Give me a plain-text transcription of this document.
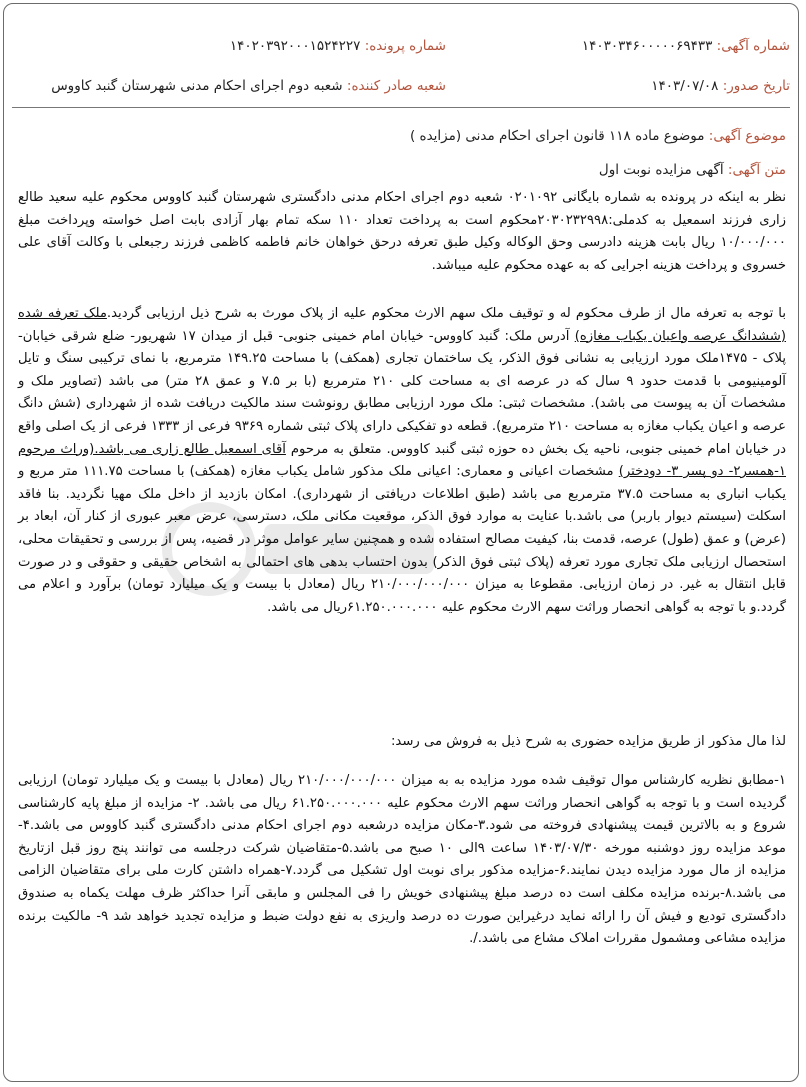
شماره آگهی: ۱۴۰۳۰۳۴۶۰۰۰۰۰۶۹۴۳۳
شماره پرونده: ۱۴۰۲۰۳۹۲۰۰۰۱۵۲۴۲۲۷
تاریخ صدور: ۱۴۰۳/۰۷/۰۸
شعبه صادر کننده: شعبه دوم اجرای احکام مدنی شهرستان گنبد کاووس
موضوع آگهی: موضوع ماده ۱۱۸ قانون اجرای احکام مدنی (مزایده )
متن آگهی: آگهی مزایده نوبت اول

نظر به اینکه در پرونده به شماره بایگانی ۰۲۰۱۰۹۲ شعبه دوم اجرای احکام مدنی دادگستری شهرستان گنبد کاووس محکوم علیه سعید طالع زاری فرزند اسمعیل به کدملی:۲۰۳۰۲۳۲۹۹۸محکوم است به پرداخت تعداد ۱۱۰ سکه تمام بهار آزادی بابت اصل خواسته وپرداخت مبلغ ۱۰/۰۰۰/۰۰۰ ریال بابت هزینه دادرسی وحق الوکاله وکیل طبق تعرفه درحق خواهان خانم فاطمه کاظمی فرزند رجبعلی با وکالت آقای علی خسروی و پرداخت هزینه اجرایی که به عهده محکوم علیه میباشد.

با توجه به تعرفه مال از طرف محکوم له و توقیف ملک سهم الارث محکوم علیه از پلاک مورث به شرح ذیل ارزیابی گردید.ملک تعرفه شده (ششدانگ عرصه واعیان یکباب مغازه) آدرس ملک: گنبد کاووس- خیابان امام خمینی جنوبی- قبل از میدان ۱۷ شهریور- ضلع شرقی خیابان- پلاک - ۱۴۷۵ملک مورد ارزیابی به نشانی فوق الذکر، یک ساختمان تجاری (همکف) با مساحت ۱۴۹.۲۵ مترمربع، با نمای ترکیبی سنگ و تایل آلومینیومی با قدمت حدود ۹ سال که در عرصه ای به مساحت کلی ۲۱۰ مترمربع (با بر ۷.۵ و عمق ۲۸ متر) می باشد (تصاویر ملک و مشخصات آن به پیوست می باشد). مشخصات ثبتی: ملک مورد ارزیابی مطابق رونوشت سند مالکیت دریافت شده از شهرداری (شش دانگ عرصه و اعیان یکباب مغازه به مساحت ۲۱۰ مترمربع). قطعه دو تفکیکی دارای پلاک ثبتی شماره ۹۳۶۹ فرعی از ۱۳۳۳ فرعی از یک اصلی واقع در خیابان امام خمینی جنوبی، ناحیه یک بخش ده حوزه ثبتی گنبد کاووس. متعلق به مرحوم آقای اسمعیل طالع زاری می باشد.(وراث مرحوم ۱-همسر۲- دو پسر ۳- دودختر) مشخصات اعیانی و معماری: اعیانی ملک مذکور شامل یکباب مغازه (همکف) با مساحت ۱۱۱.۷۵ متر مربع و یکباب انباری به مساحت ۳۷.۵ مترمربع می باشد (طبق اطلاعات دریافتی از شهرداری). امکان بازدید از داخل ملک مهیا نگردید. بنا فاقد اسکلت (سیستم دیوار باربر) می باشد.با عنایت به موارد فوق الذکر، موقعیت مکانی ملک، دسترسی، عرض معبر عبوری از کنار آن، ابعاد بر (عرض) و عمق (طول) عرصه، قدمت بنا، کیفیت مصالح استفاده شده و همچنین سایر عوامل موثر در قضیه، پس از بررسی و تحقیقات محلی، استحصال ارزیابی ملک تجاری مورد تعرفه (پلاک ثبتی فوق الذکر) بدون احتساب بدهی های احتمالی به اشخاص حقیقی و حقوقی و در صورت قابل انتقال به غیر. در زمان ارزیابی. مقطوعا به میزان ۲۱۰/۰۰۰/۰۰۰/۰۰۰ ریال (معادل با بیست و یک میلیارد تومان) برآورد و اعلام می گردد.و با توجه به گواهی انحصار وراثت سهم الارث محکوم علیه ۶۱.۲۵۰.۰۰۰.۰۰۰ریال می باشد.

لذا مال مذکور از طریق مزایده حضوری به شرح ذیل به فروش می رسد:

۱-مطابق نظریه کارشناس موال توقیف شده مورد مزایده به به میزان ۲۱۰/۰۰۰/۰۰۰/۰۰۰ ریال (معادل با بیست و یک میلیارد تومان) ارزیابی گردیده است و با توجه به گواهی انحصار وراثت سهم الارث محکوم علیه ۶۱.۲۵۰.۰۰۰.۰۰۰ ریال می باشد. ۲- مزایده از مبلغ پایه کارشناسی شروع و به بالاترین قیمت پیشنهادی فروخته می شود.۳-مکان مزایده درشعبه دوم اجرای احکام مدنی دادگستری گنبد کاووس می باشد.۴-موعد مزایده روز دوشنبه مورخه ۱۴۰۳/۰۷/۳۰ ساعت ۹الی ۱۰ صبح می باشد.۵-متقاضیان شرکت درجلسه می توانند پنج روز قبل ازتاریخ مزایده از مال مورد مزایده دیدن نمایند.۶-مزایده مذکور برای نوبت اول تشکیل می گردد.۷-همراه داشتن کارت ملی برای متقاضیان الزامی می باشد.۸-برنده مزایده مکلف است ده درصد مبلغ پیشنهادی خویش را فی المجلس و مابقی آنرا حداکثر ظرف مهلت یکماه به صندوق دادگستری تودیع و فیش آن را ارائه نماید درغیراین صورت ده درصد واریزی به نفع دولت ضبط و مزایده تجدید خواهد شد ۹- مالکیت برنده مزایده مشاعی ومشمول مقررات املاک مشاع می باشد./.
